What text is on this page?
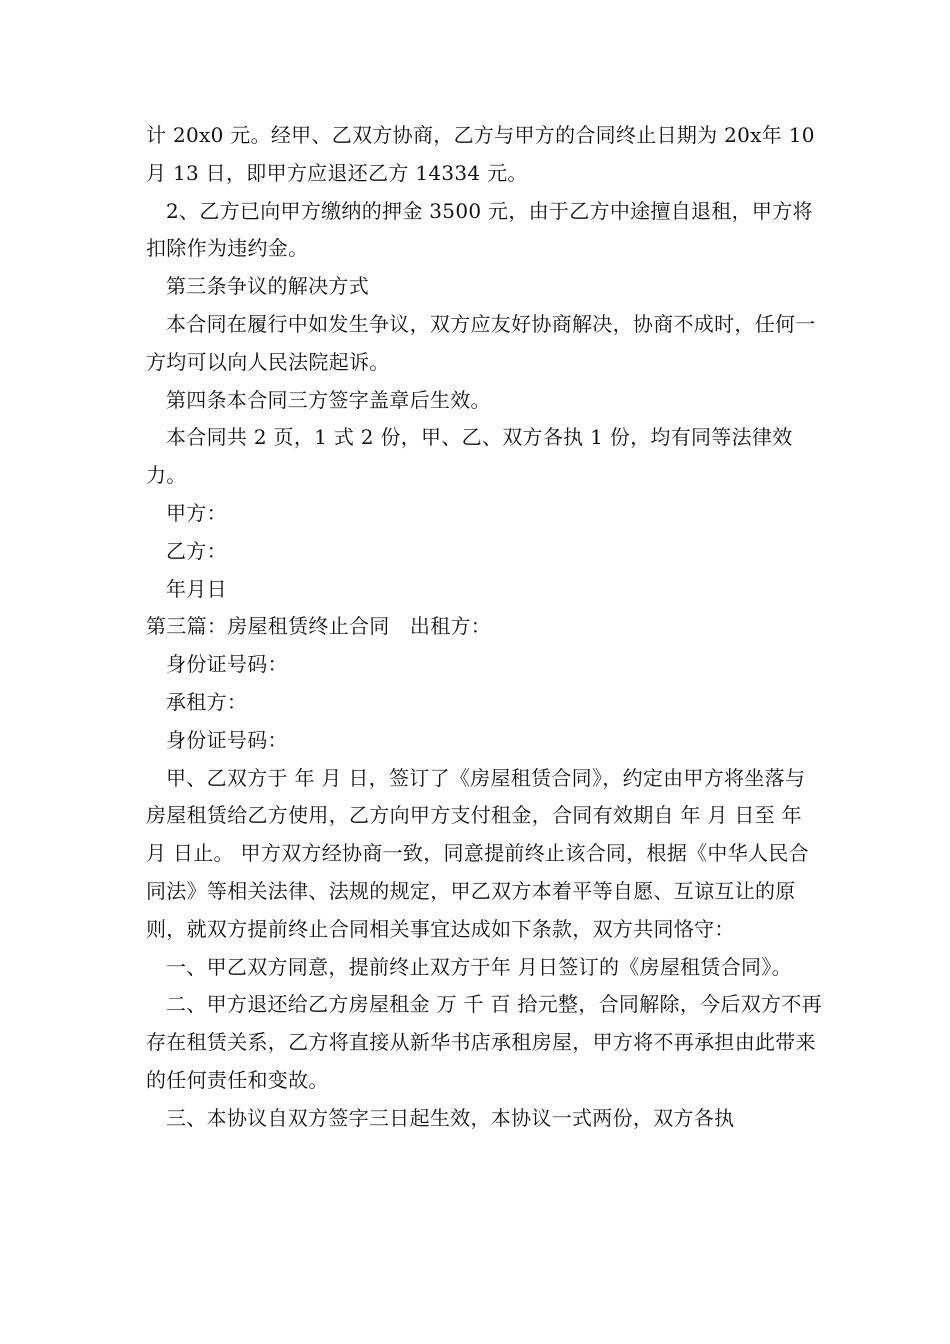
计 20x0 元。经甲、乙双方协商，乙方与甲方的合同终止日期为 20x年 10 月 13 日，即甲方应退还乙方 14334 元。

2、乙方已向甲方缴纳的押金 3500 元，由于乙方中途擅自退租，甲方将扣除作为违约金。

第三条争议的解决方式

本合同在履行中如发生争议，双方应友好协商解决，协商不成时，任何一方均可以向人民法院起诉。

第四条本合同三方签字盖章后生效。

本合同共 2 页，1 式 2 份，甲、乙、双方各执 1 份，均有同等法律效力。

甲方：

乙方：

年月日

第三篇：房屋租赁终止合同　出租方：

身份证号码：

承租方：

身份证号码：

甲、乙双方于 年 月 日，签订了《房屋租赁合同》，约定由甲方将坐落与 房屋租赁给乙方使用，乙方向甲方支付租金，合同有效期自 年 月 日至 年 月 日止。 甲方双方经协商一致，同意提前终止该合同，根据《中华人民合同法》等相关法律、法规的规定，甲乙双方本着平等自愿、互谅互让的原则，就双方提前终止合同相关事宜达成如下条款，双方共同恪守：

一、甲乙双方同意，提前终止双方于年 月日签订的《房屋租赁合同》。

二、甲方退还给乙方房屋租金 万 千 百 拾元整，合同解除，今后双方不再存在租赁关系，乙方将直接从新华书店承租房屋，甲方将不再承担由此带来的任何责任和变故。

三、本协议自双方签字三日起生效，本协议一式两份，双方各执
